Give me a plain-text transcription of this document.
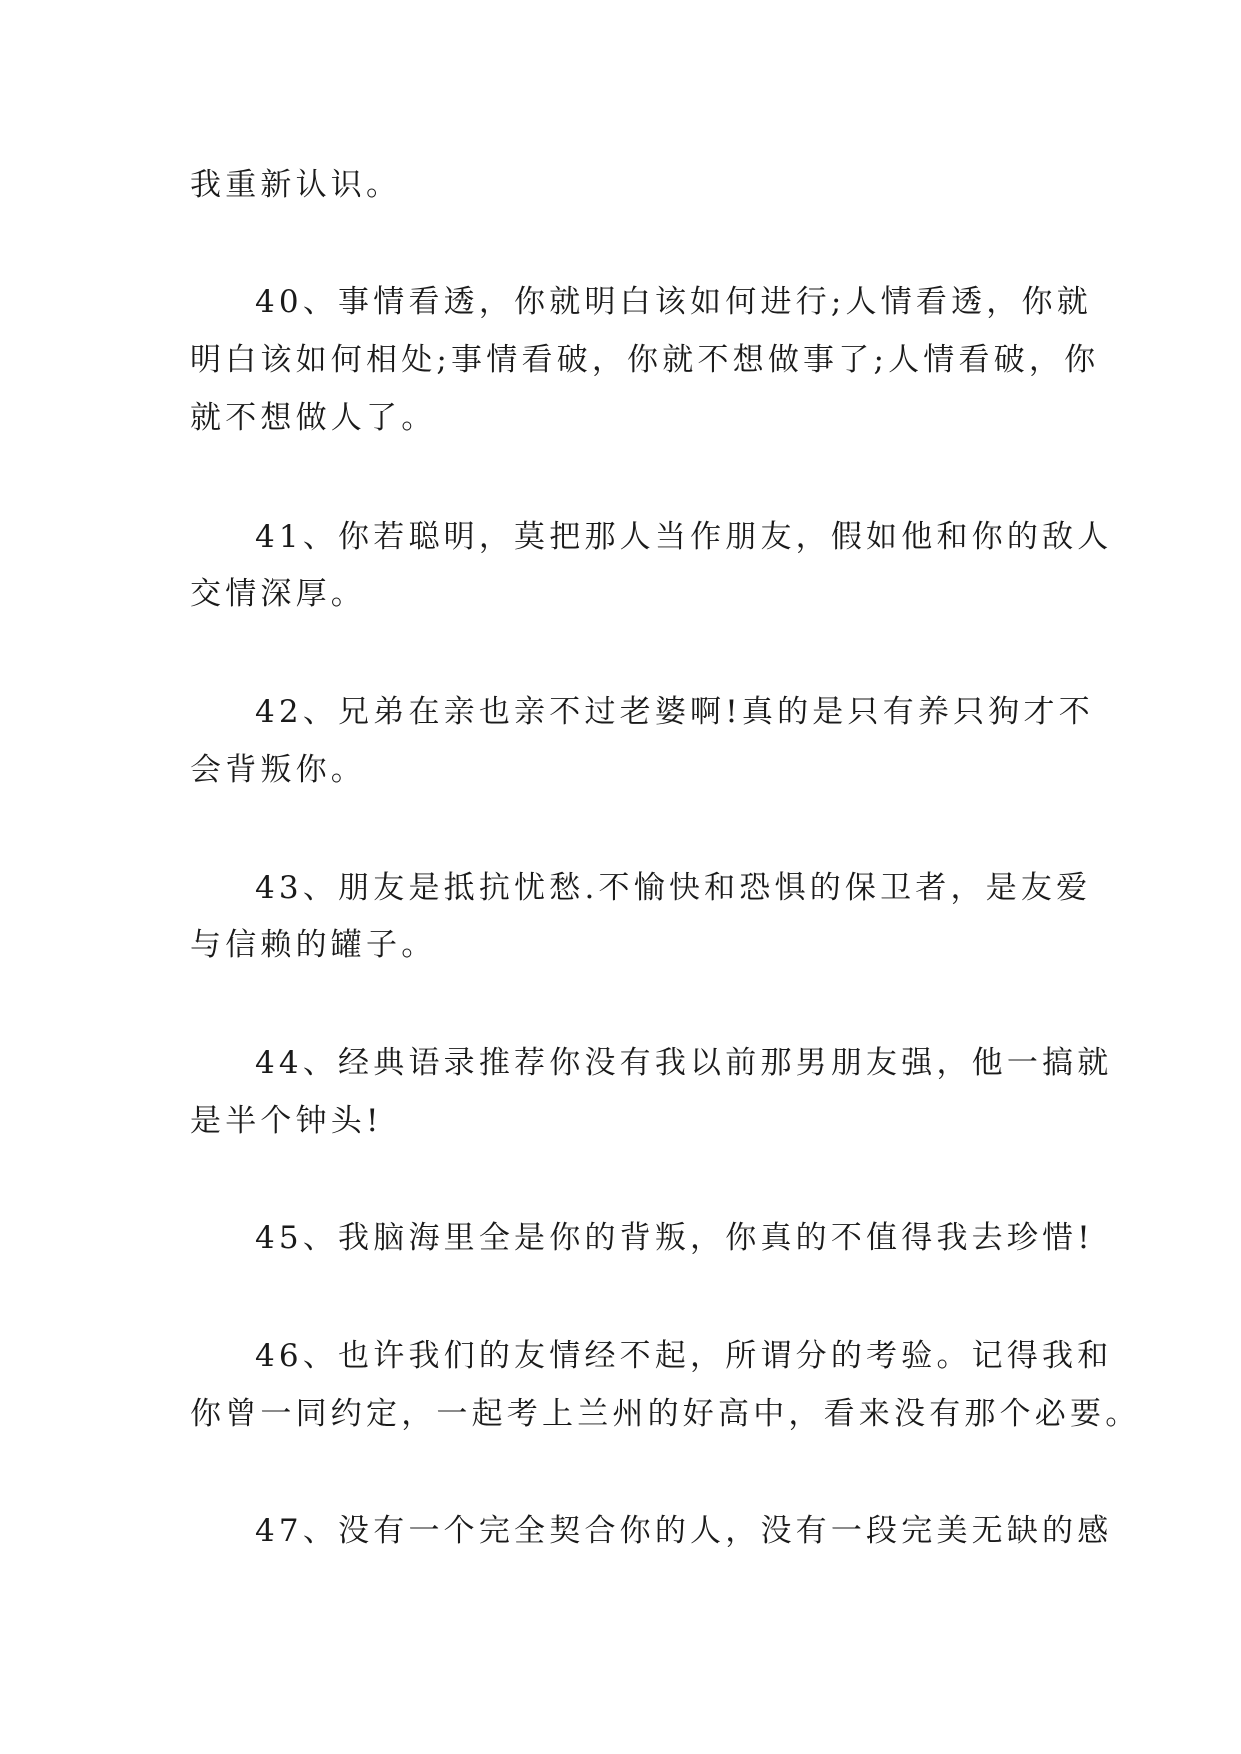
我重新认识。
40、事情看透，你就明白该如何进行;人情看透，你就
明白该如何相处;事情看破，你就不想做事了;人情看破，你
就不想做人了。
41、你若聪明，莫把那人当作朋友，假如他和你的敌人
交情深厚。
42、兄弟在亲也亲不过老婆啊!真的是只有养只狗才不
会背叛你。
43、朋友是抵抗忧愁.不愉快和恐惧的保卫者，是友爱
与信赖的罐子。
44、经典语录推荐你没有我以前那男朋友强，他一搞就
是半个钟头!
45、我脑海里全是你的背叛，你真的不值得我去珍惜!
46、也许我们的友情经不起，所谓分的考验。记得我和
你曾一同约定，一起考上兰州的好高中，看来没有那个必要。
47、没有一个完全契合你的人，没有一段完美无缺的感
